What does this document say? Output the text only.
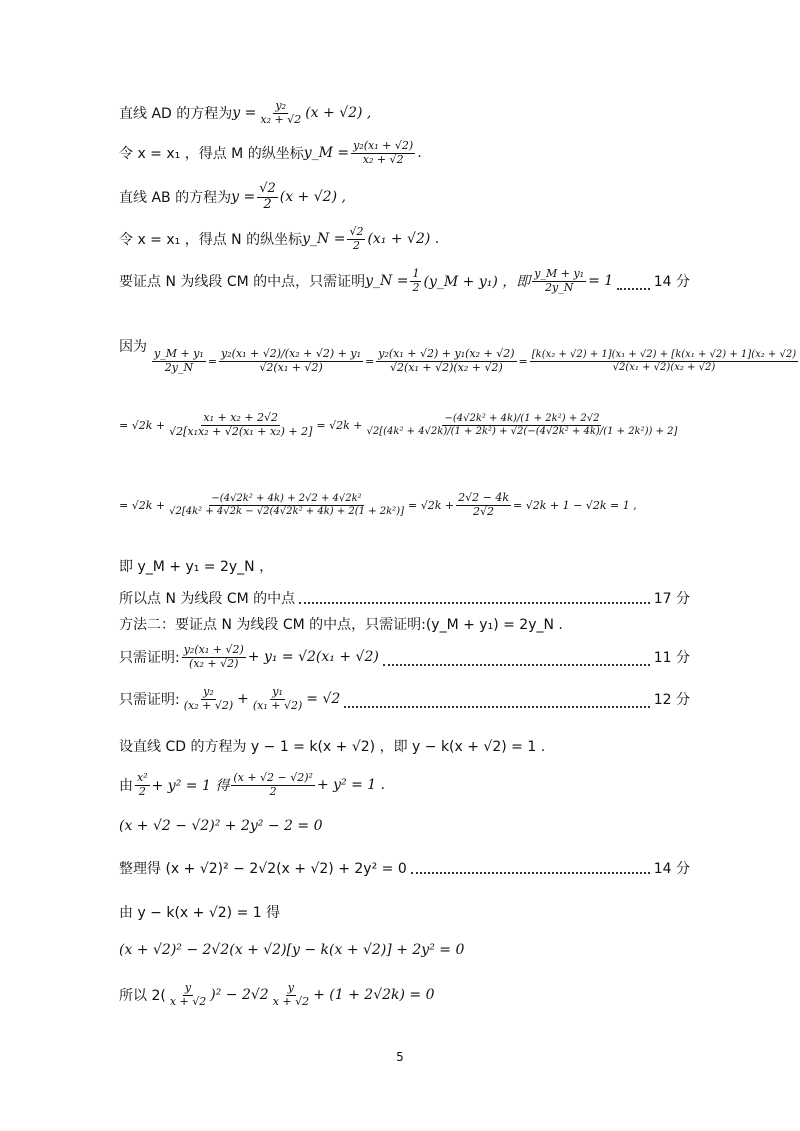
直线 AD 的方程为 $y = \frac{\text{y₂}}{\text{x₂ + √2}} (x + √2)$ ,
令 x = x₁ ，得点 M 的纵坐标 y_M = $\frac{\text{y₂(x₁ + √2)}}{\text{x₂ + √2}}$ .
直线 AB 的方程为 $y = \frac{√2}{2} (x + √2)$ ,
令 x = x₁ ，得点 N 的纵坐标 y_N = $\frac{√2}{2} (x_1 + √2)$ .
要证点 N 为线段 CM 的中点，只需证明 y_N = $\frac{1}{2}$ (y_M + y₁) ，即 $\frac{\text{y\_M + y₁}}{2y\_N} = 1$	14 分
因为
$\frac{\text{y\_M + y₁}}{2y\_N} = \frac{\text{y₂(x₁ + √2)/(x₂ + √2) + y₁}}{\text{√2(x₁ + √2)}} = \frac{\text{y₂(x₁ + √2) + y₁(x₂ + √2)}}{\text{√2(x₁ + √2)(x₂ + √2)}} = \frac{\text{[k(x₂ + √2) + 1](x₁ + √2) + [k(x₁ + √2) + 1](x₂ + √2)}}{\text{√2(x₁ + √2)(x₂ + √2)}}$
= $√2k + \frac{\text{x₁ + x₂ + 2√2}}{\text{√2[x₁x₂ + √2(x₁ + x₂) + 2]}} = √2k + \frac{\text{−(4√2k² + 4k)/(1 + 2k²) + 2√2}}{\text{√2[(4k² + 4√2k)/(1 + 2k²) + √2(−(4√2k² + 4k)/(1 + 2k²)) + 2]}}$
= $√2k + \frac{\text{−(4√2k² + 4k) + 2√2 + 4√2k²}}{\text{√2[4k² + 4√2k − √2(4√2k² + 4k) + 2(1 + 2k²)]}} = √2k + \frac{2√2 - 4k}{2√2} = √2k + 1 - √2k = 1$ ,
即 y_M + y₁ = 2y_N ，
所以点 N 为线段 CM 的中点	17 分
方法二：要证点 N 为线段 CM 的中点，只需证明:(y_M + y₁) = 2y_N .
只需证明: $\frac{\text{y₂(x₁ + √2)}}{\text{(x₂ + √2)}} + y_1 = √2(x_1 + √2)$	11 分
只需证明: $\frac{\text{y₂}}{\text{(x₂ + √2)}} + \frac{\text{y₁}}{\text{(x₁ + √2)}} = √2$	12 分
设直线 CD 的方程为 y − 1 = k(x + √2) ，即 y − k(x + √2) = 1 .
由 $\frac{\text{x²}}{2} + y^2 = 1$ 得 $\frac{\text{(x + √2 − √2)²}}{2} + y^2 = 1$ .
(x + √2 − √2)² + 2y² − 2 = 0
整理得 (x + √2)² − 2√2(x + √2) + 2y² = 0	14 分
由 y − k(x + √2) = 1 得
(x + √2)² − 2√2(x + √2)[y − k(x + √2)] + 2y² = 0
所以 $2( \frac{y}{x + √2} )^2 - 2√2 \frac{y}{x + √2} + (1 + 2√2k) = 0$
5
